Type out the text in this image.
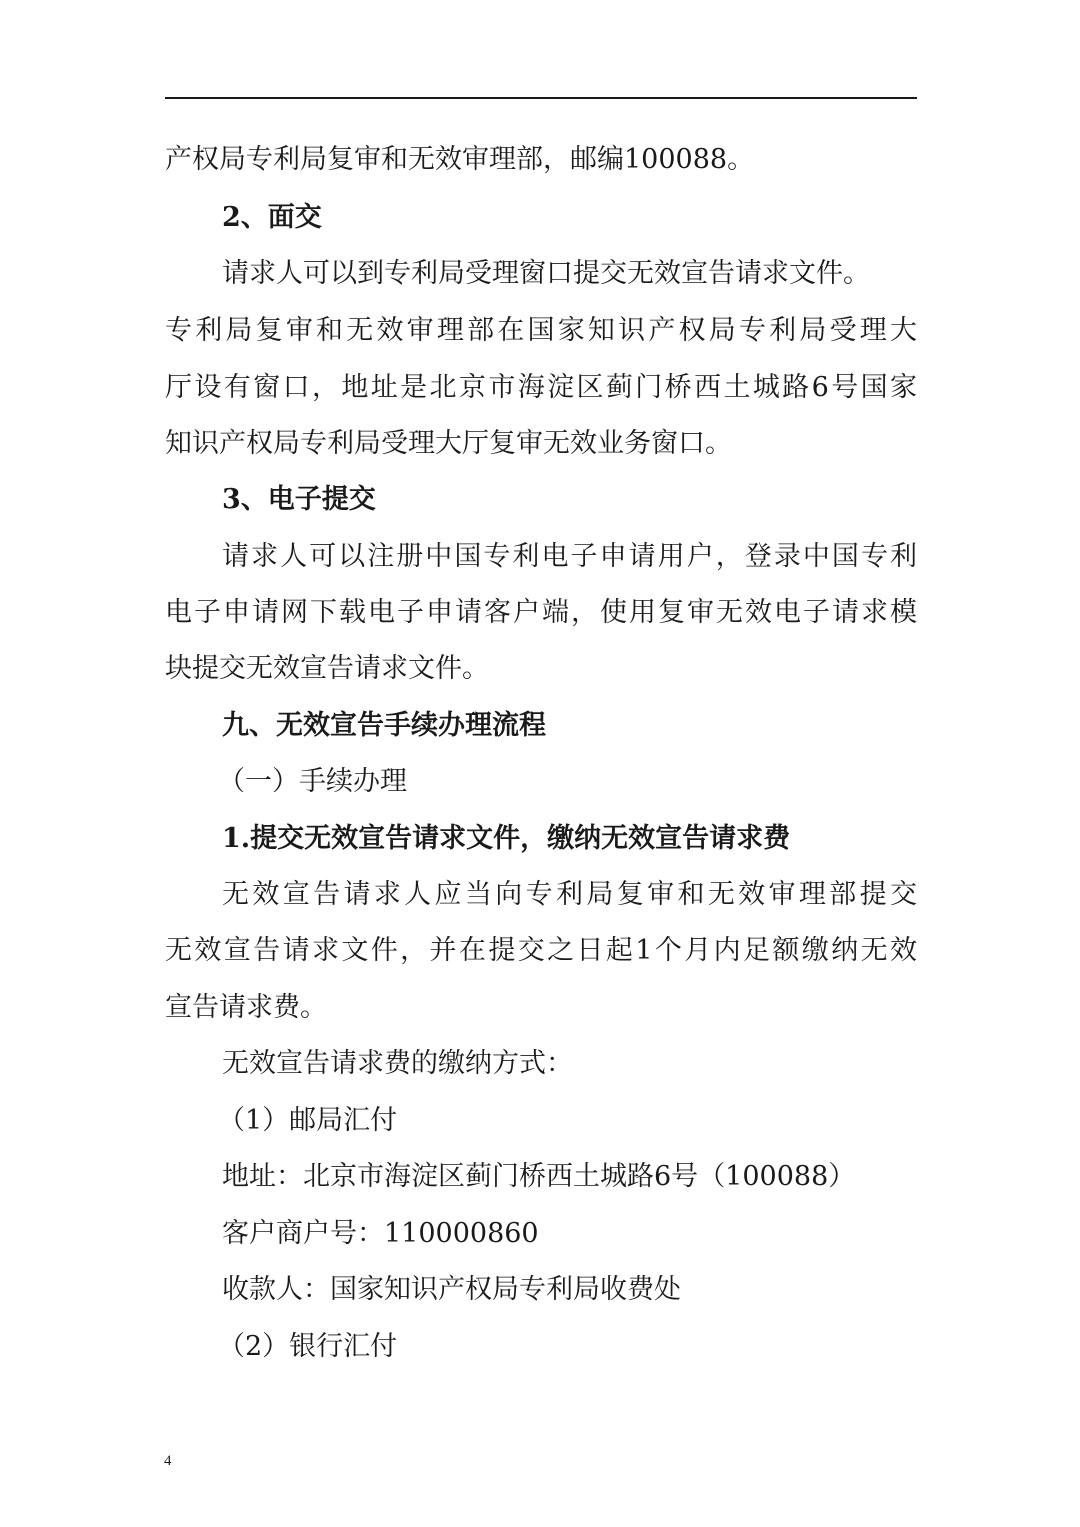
产权局专利局复审和无效审理部，邮编100088。
2、面交
请求人可以到专利局受理窗口提交无效宣告请求文件。
专利局复审和无效审理部在国家知识产权局专利局受理大
厅设有窗口，地址是北京市海淀区蓟门桥西土城路6号国家
知识产权局专利局受理大厅复审无效业务窗口。
3、电子提交
请求人可以注册中国专利电子申请用户，登录中国专利
电子申请网下载电子申请客户端，使用复审无效电子请求模
块提交无效宣告请求文件。
九、无效宣告手续办理流程
（一）手续办理
1.提交无效宣告请求文件，缴纳无效宣告请求费
无效宣告请求人应当向专利局复审和无效审理部提交
无效宣告请求文件，并在提交之日起1个月内足额缴纳无效
宣告请求费。
无效宣告请求费的缴纳方式：
（1）邮局汇付
地址：北京市海淀区蓟门桥西土城路6号（100088）
客户商户号：110000860
收款人：国家知识产权局专利局收费处
（2）银行汇付
4
